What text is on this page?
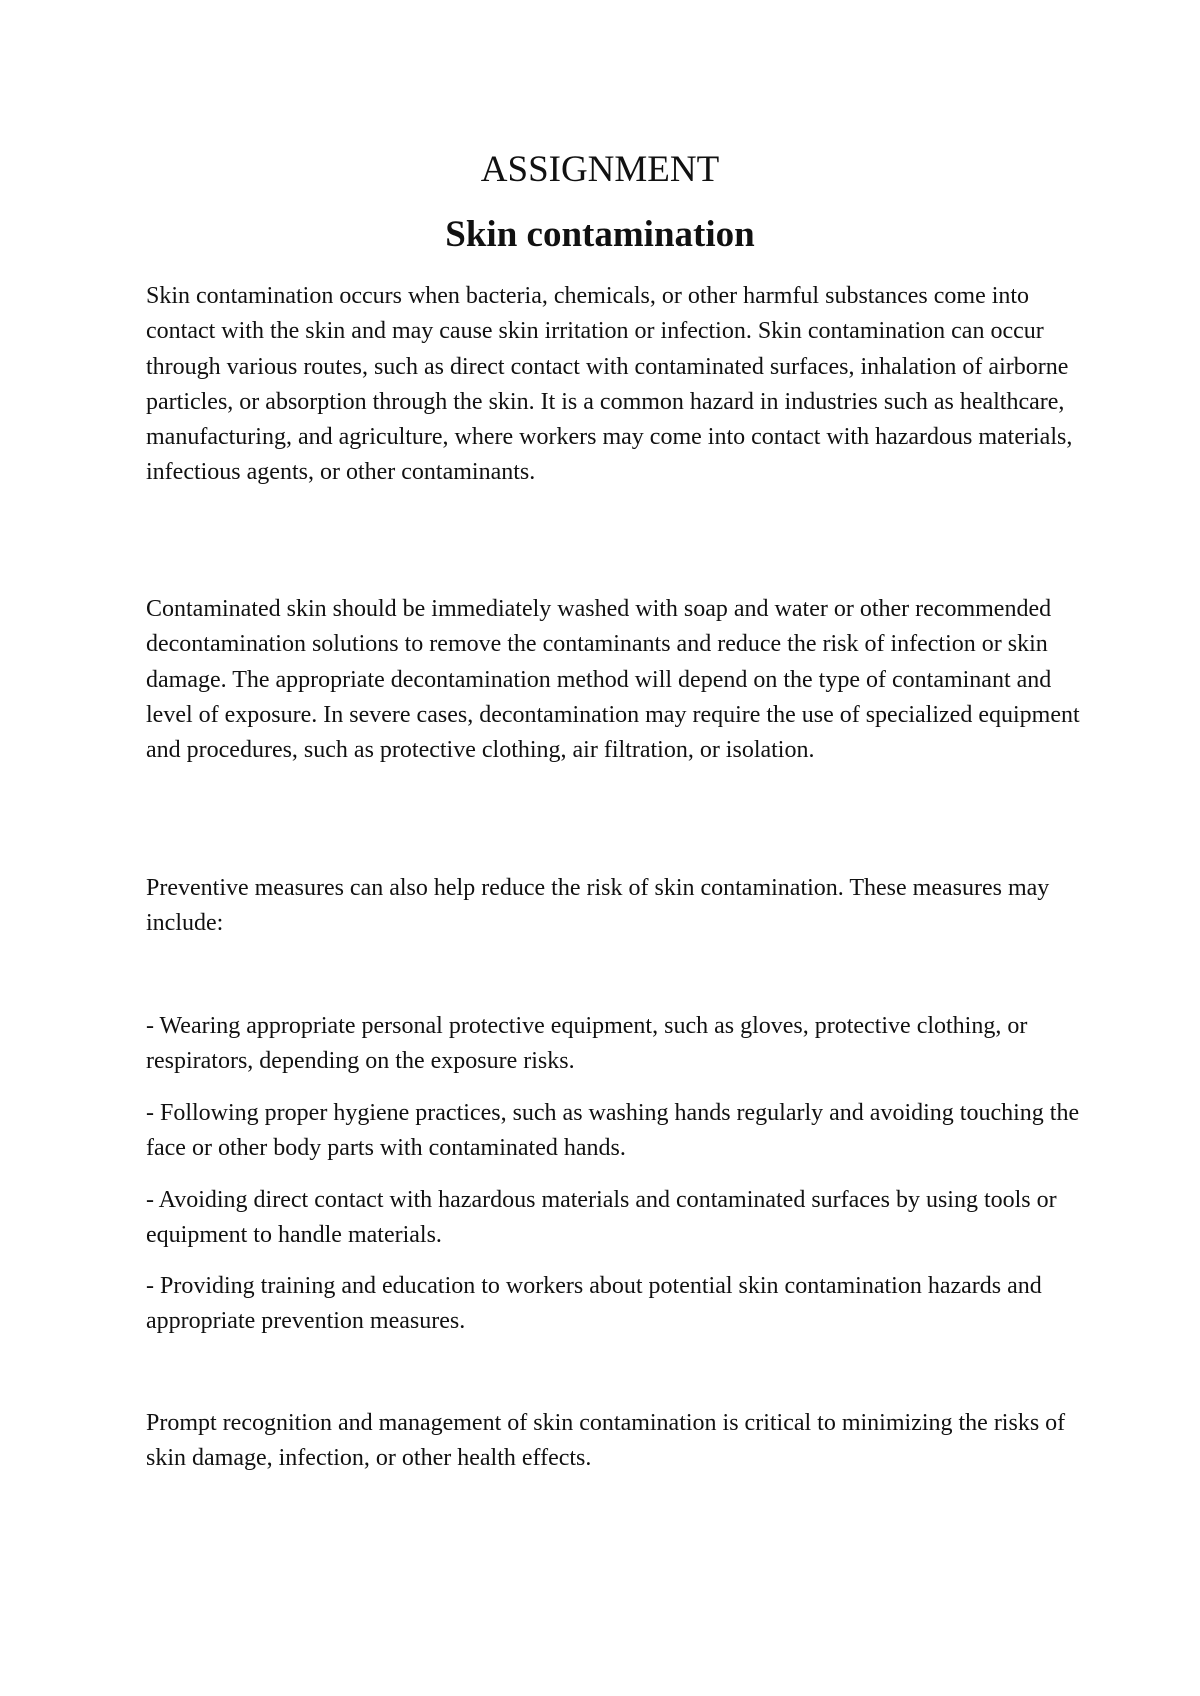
ASSIGNMENT
Skin contamination

Skin contamination occurs when bacteria, chemicals, or other harmful substances come into contact with the skin and may cause skin irritation or infection. Skin contamination can occur through various routes, such as direct contact with contaminated surfaces, inhalation of airborne particles, or absorption through the skin. It is a common hazard in industries such as healthcare, manufacturing, and agriculture, where workers may come into contact with hazardous materials, infectious agents, or other contaminants.

Contaminated skin should be immediately washed with soap and water or other recommended decontamination solutions to remove the contaminants and reduce the risk of infection or skin damage. The appropriate decontamination method will depend on the type of contaminant and level of exposure. In severe cases, decontamination may require the use of specialized equipment and procedures, such as protective clothing, air filtration, or isolation.

Preventive measures can also help reduce the risk of skin contamination. These measures may include:

- Wearing appropriate personal protective equipment, such as gloves, protective clothing, or respirators, depending on the exposure risks.

- Following proper hygiene practices, such as washing hands regularly and avoiding touching the face or other body parts with contaminated hands.

- Avoiding direct contact with hazardous materials and contaminated surfaces by using tools or equipment to handle materials.

- Providing training and education to workers about potential skin contamination hazards and appropriate prevention measures.

Prompt recognition and management of skin contamination is critical to minimizing the risks of skin damage, infection, or other health effects.
